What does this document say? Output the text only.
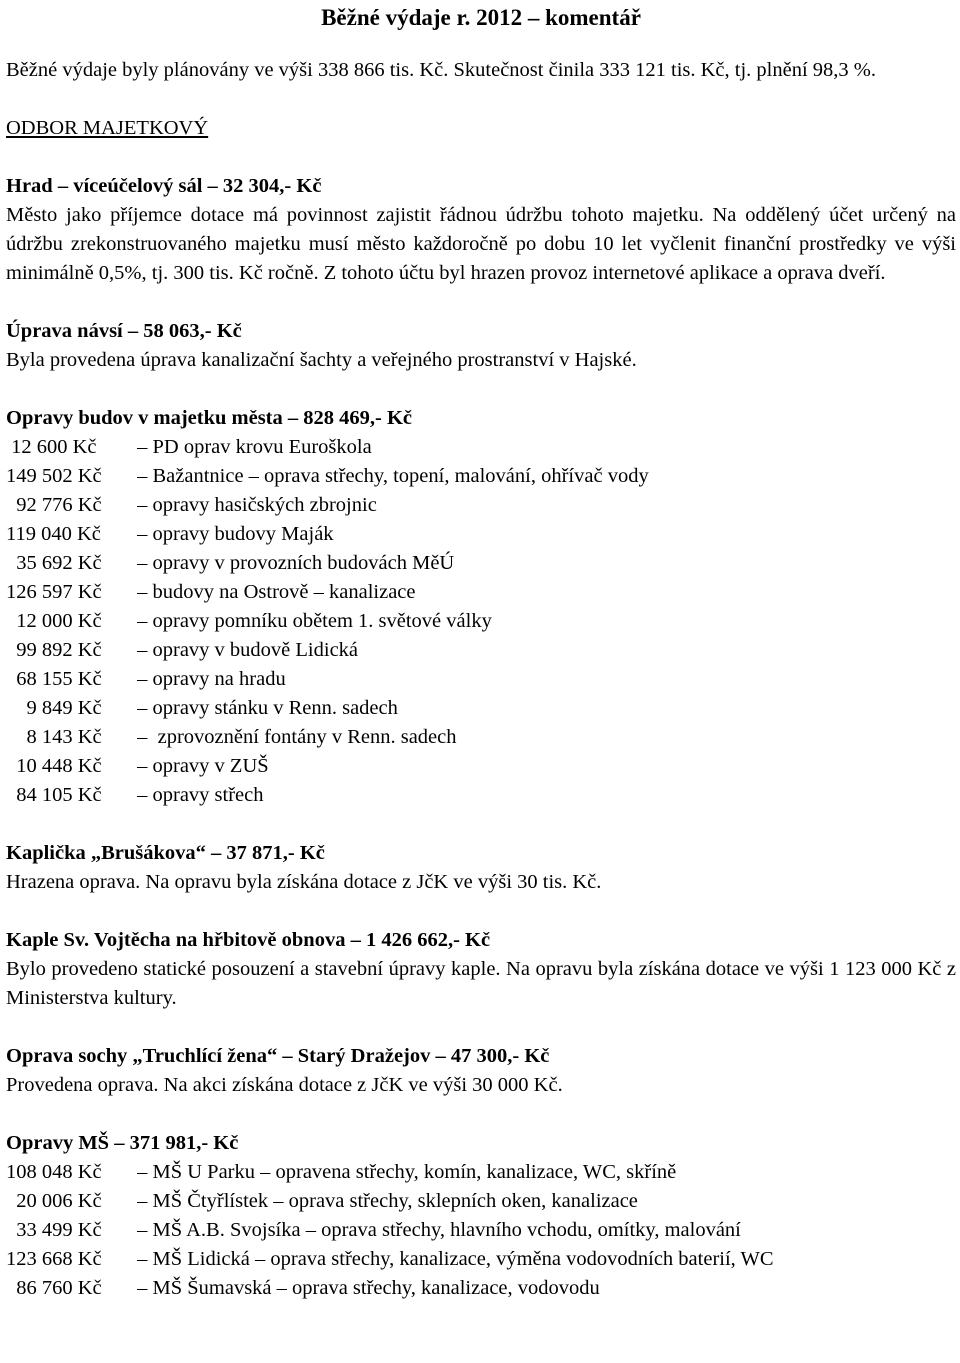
Běžné výdaje r. 2012 – komentář

Běžné výdaje byly plánovány ve výši 338 866 tis. Kč. Skutečnost činila 333 121 tis. Kč, tj. plnění 98,3 %.

ODBOR MAJETKOVÝ
Hrad – víceúčelový sál – 32 304,- Kč

Město jako příjemce dotace má povinnost zajistit řádnou údržbu tohoto majetku. Na oddělený účet určený na údržbu zrekonstruovaného majetku musí město každoročně po dobu 10 let vyčlenit finanční prostředky ve výši minimálně 0,5%, tj. 300 tis. Kč ročně. Z tohoto účtu byl hrazen provoz internetové aplikace a oprava dveří.

Úprava návsí – 58 063,- Kč

Byla provedena úprava kanalizační šachty a veřejného prostranství v Hajské.

Opravy budov v majetku města – 828 469,- Kč
12 600 Kč – PD oprav krovu Euroškola
149 502 Kč – Bažantnice – oprava střechy, topení, malování, ohřívač vody
92 776 Kč – opravy hasičských zbrojnic
119 040 Kč – opravy budovy Maják
35 692 Kč – opravy v provozních budovách MěÚ
126 597 Kč – budovy na Ostrově – kanalizace
12 000 Kč – opravy pomníku obětem 1. světové války
99 892 Kč – opravy v budově Lidická
68 155 Kč – opravy na hradu
9 849 Kč – opravy stánku v Renn. sadech
8 143 Kč –  zprovoznění fontány v Renn. sadech
10 448 Kč – opravy v ZUŠ
84 105 Kč – opravy střech
Kaplička „Brušákova“ – 37 871,- Kč

Hrazena oprava. Na opravu byla získána dotace z JčK ve výši 30 tis. Kč.

Kaple Sv. Vojtěcha na hřbitově obnova – 1 426 662,- Kč

Bylo provedeno statické posouzení a stavební úpravy kaple. Na opravu byla získána dotace ve výši 1 123 000 Kč z Ministerstva kultury.

Oprava sochy „Truchlící žena“ – Starý Dražejov – 47 300,- Kč

Provedena oprava. Na akci získána dotace z JčK ve výši 30 000 Kč.

Opravy MŠ – 371 981,- Kč
108 048 Kč – MŠ U Parku – opravena střechy, komín, kanalizace, WC, skříně
20 006 Kč – MŠ Čtyřlístek – oprava střechy, sklepních oken, kanalizace
33 499 Kč – MŠ A.B. Svojsíka – oprava střechy, hlavního vchodu, omítky, malování
123 668 Kč – MŠ Lidická – oprava střechy, kanalizace, výměna vodovodních baterií, WC
86 760 Kč – MŠ Šumavská – oprava střechy, kanalizace, vodovodu
